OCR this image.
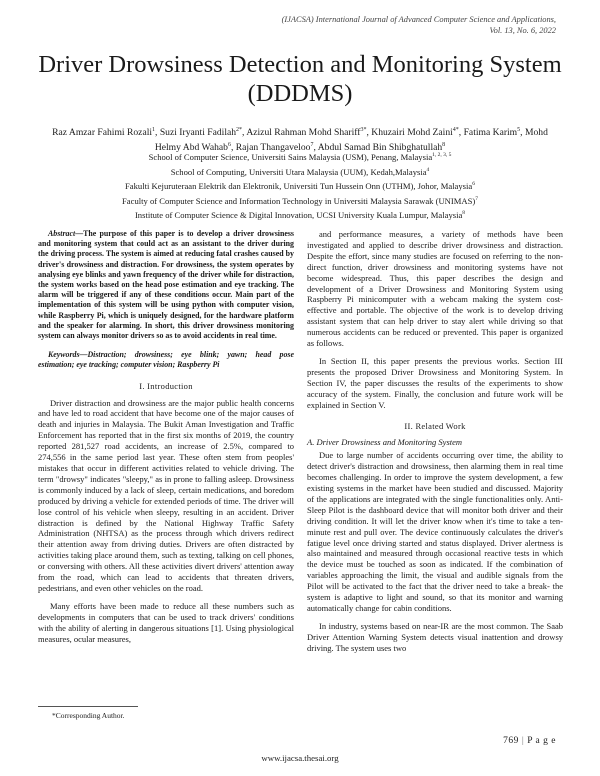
(IJACSA) International Journal of Advanced Computer Science and Applications,
Vol. 13, No. 6, 2022
Driver Drowsiness Detection and Monitoring System
(DDDMS)
Raz Amzar Fahimi Rozali$^1$, Suzi Iryanti Fadilah$^{2*}$, Azizul Rahman Mohd Shariff$^{3*}$, Khuzairi Mohd Zaini$^{4*}$, Fatima Karim$^5$, Mohd Helmy Abd Wahab$^6$, Rajan Thangaveloo$^7$, Abdul Samad Bin Shibghatullah$^8$
School of Computer Science, Universiti Sains Malaysia (USM), Penang, Malaysia$^{1, 2, 3, 5}$
School of Computing, Universiti Utara Malaysia (UUM), Kedah,Malaysia$^4$
Fakulti Kejuruteraan Elektrik dan Elektronik, Universiti Tun Hussein Onn (UTHM), Johor, Malaysia$^6$
Faculty of Computer Science and Information Technology in Universiti Malaysia Sarawak (UNIMAS)$^7$
Institute of Computer Science & Digital Innovation, UCSI University Kuala Lumpur, Malaysia$^8$

Abstract—The purpose of this paper is to develop a driver drowsiness and monitoring system that could act as an assistant to the driver during the driving process. The system is aimed at reducing fatal crashes caused by driver's drowsiness and distraction. For drowsiness, the system operates by analysing eye blinks and yawn frequency of the driver while for distraction, the system works based on the head pose estimation and eye tracking. The alarm will be triggered if any of these conditions occur. Main part of the implementation of this system will be using python with computer vision, while Raspberry Pi, which is uniquely designed, for the hardware platform and the speaker for alarming. In short, this driver drowsiness monitoring system can always monitor drivers so as to avoid accidents in real time.

Keywords—Distraction; drowsiness; eye blink; yawn; head pose estimation; eye tracking; computer vision; Raspberry Pi

I. Introduction

Driver distraction and drowsiness are the major public health concerns and have led to road accident that have become one of the major causes of death and injuries in Malaysia. The Bukit Aman Investigation and Traffic Enforcement has reported that in the first six months of 2019, the country reported 281,527 road accidents, an increase of 2.5%, compared to 274,556 in the same period last year. These often stem from peoples' mistakes that occur in different activities related to vehicle driving. The term "drowsy" indicates "sleepy," as in prone to falling asleep. Drowsiness is commonly induced by a lack of sleep, certain medications, and boredom produced by driving a vehicle for extended periods of time. The driver will lose control of his vehicle when sleepy, resulting in an accident. Driver distraction is defined by the National Highway Traffic Safety Administration (NHTSA) as the process through which drivers redirect their attention away from driving duties. Drivers are often distracted by activities taking place around them, such as texting, talking on cell phones, or conversing with others. All these activities divert drivers' attention away from the road, which can lead to accidents that threaten drivers, pedestrians, and even other vehicles on the road.

Many efforts have been made to reduce all these numbers such as developments in computers that can be used to track drivers' conditions with the ability of alerting in dangerous situations [1]. Using physiological measures, ocular measures,

and performance measures, a variety of methods have been investigated and applied to describe driver drowsiness and distraction. Despite the effort, since many studies are focused on referring to the non-direct function, driver drowsiness and monitoring systems have not become widespread. Thus, this paper describes the design and development of a Driver Drowsiness and Monitoring System using Raspberry Pi minicomputer with a webcam making the system cost-effective and portable. The objective of the work is to develop driving assistant system that can help driver to stay alert while driving so that numerous accidents can be reduced or prevented. This paper is organized as follows.

In Section II, this paper presents the previous works. Section III presents the proposed Driver Drowsiness and Monitoring System. In Section IV, the paper discusses the results of the experiments to show accuracy of the system. Finally, the conclusion and future work will be explained in Section V.

II. Related Work
A. Driver Drowsiness and Monitoring System

Due to large number of accidents occurring over time, the ability to detect driver's distraction and drowsiness, then alarming them in real time becomes challenging. In order to improve the system development, a few existing systems in the market have been studied and discussed. Majority of the applications are integrated with the single functionalities only. Anti-Sleep Pilot is the dashboard device that will monitor both driver and their driving condition. It will let the driver know when it's time to take a ten-minute rest and pull over. The device continuously calculates the driver's fatigue level once driving started and status displayed. Driver alertness is also maintained and measured through occasional reactive tests in which the device must be touched as soon as indicated. If the combination of variables approaching the limit, the visual and audible signals from the Pilot will be activated to the fact that the driver need to take a break- the system is adaptive to light and sound, so that its monitor and warning automatically change for cabin conditions.

In industry, systems based on near-IR are the most common. The Saab Driver Attention Warning System detects visual inattention and drowsy driving. The system uses two

*Corresponding Author.
769 | P a g e
www.ijacsa.thesai.org
